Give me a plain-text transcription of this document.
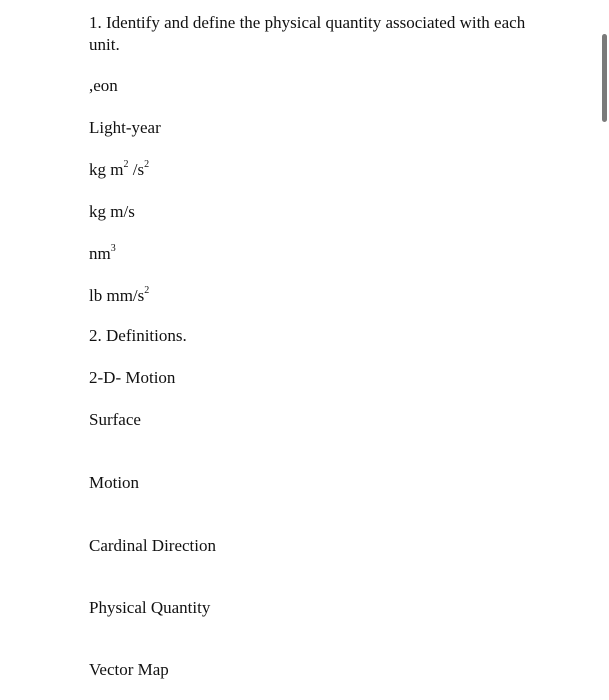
1. Identify and define the physical quantity associated with each unit.
,eon
Light-year
kg $m^2$ $/s^2$
kg m/s
$nm^3$
lb $mm/s^2$
2. Definitions.
2-D- Motion
Surface
Motion
Cardinal Direction
Physical Quantity
Vector Map
